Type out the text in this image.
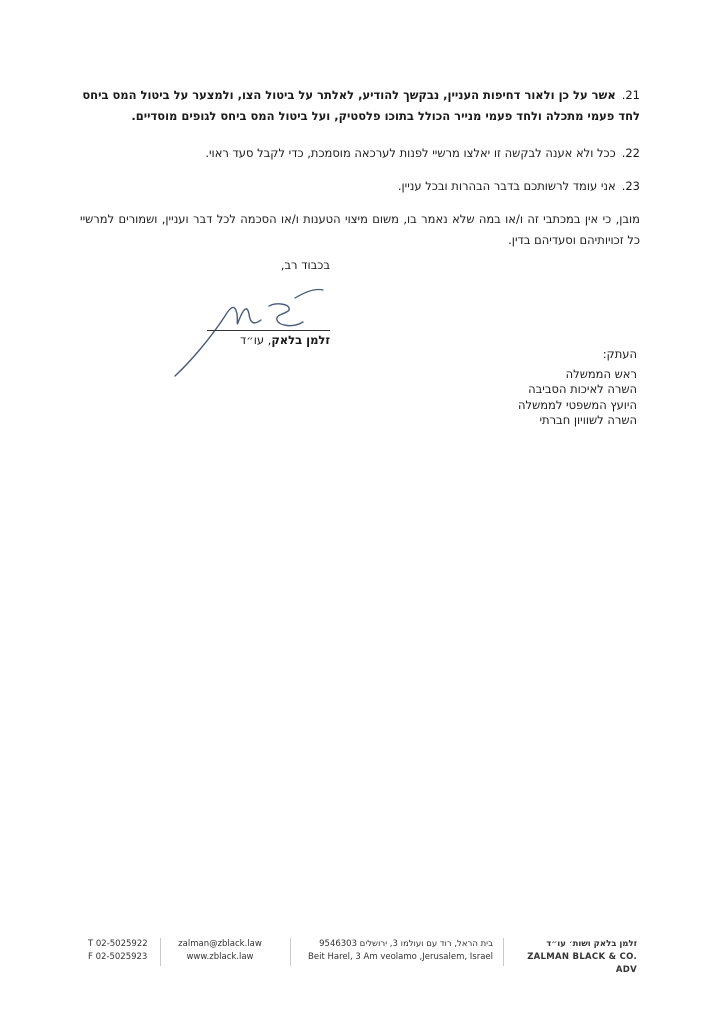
21.אשר על כן ולאור דחיפות העניין, נבקשך להודיע, לאלתר על ביטול הצו, ולמצער על ביטול המס ביחס לחד פעמי מתכלה ולחד פעמי מנייר הכולל בתוכו פלסטיק, ועל ביטול המס ביחס לגופים מוסדיים.
22.ככל ולא אענה לבקשה זו יאלצו מרשיי לפנות לערכאה מוסמכת, כדי לקבל סעד ראוי.
23.אני עומד לרשותכם בדבר הבהרות ובכל עניין.
מובן, כי אין במכתבי זה ו/או במה שלא נאמר בו, משום מיצוי הטענות ו/או הסכמה לכל דבר ועניין, ושמורים למרשיי כל זכויותיהם וסעדיהם בדין.
בכבוד רב,
זלמן בלאק, עו״ד
העתק:
ראש הממשלה
השרה לאיכות הסביבה
היועץ המשפטי לממשלה
השרה לשוויון חברתי
T 02-5025922
F 02-5025923
zalman@zblack.law
www.zblack.law
בית הראל, רוד עם ועולמו 3, ירושלים 9546303
Beit Harel, 3 Am veolamo ,Jerusalem, Israel
זלמן בלאק ושות׳ עו״ד
ZALMAN BLACK & CO. ADV
